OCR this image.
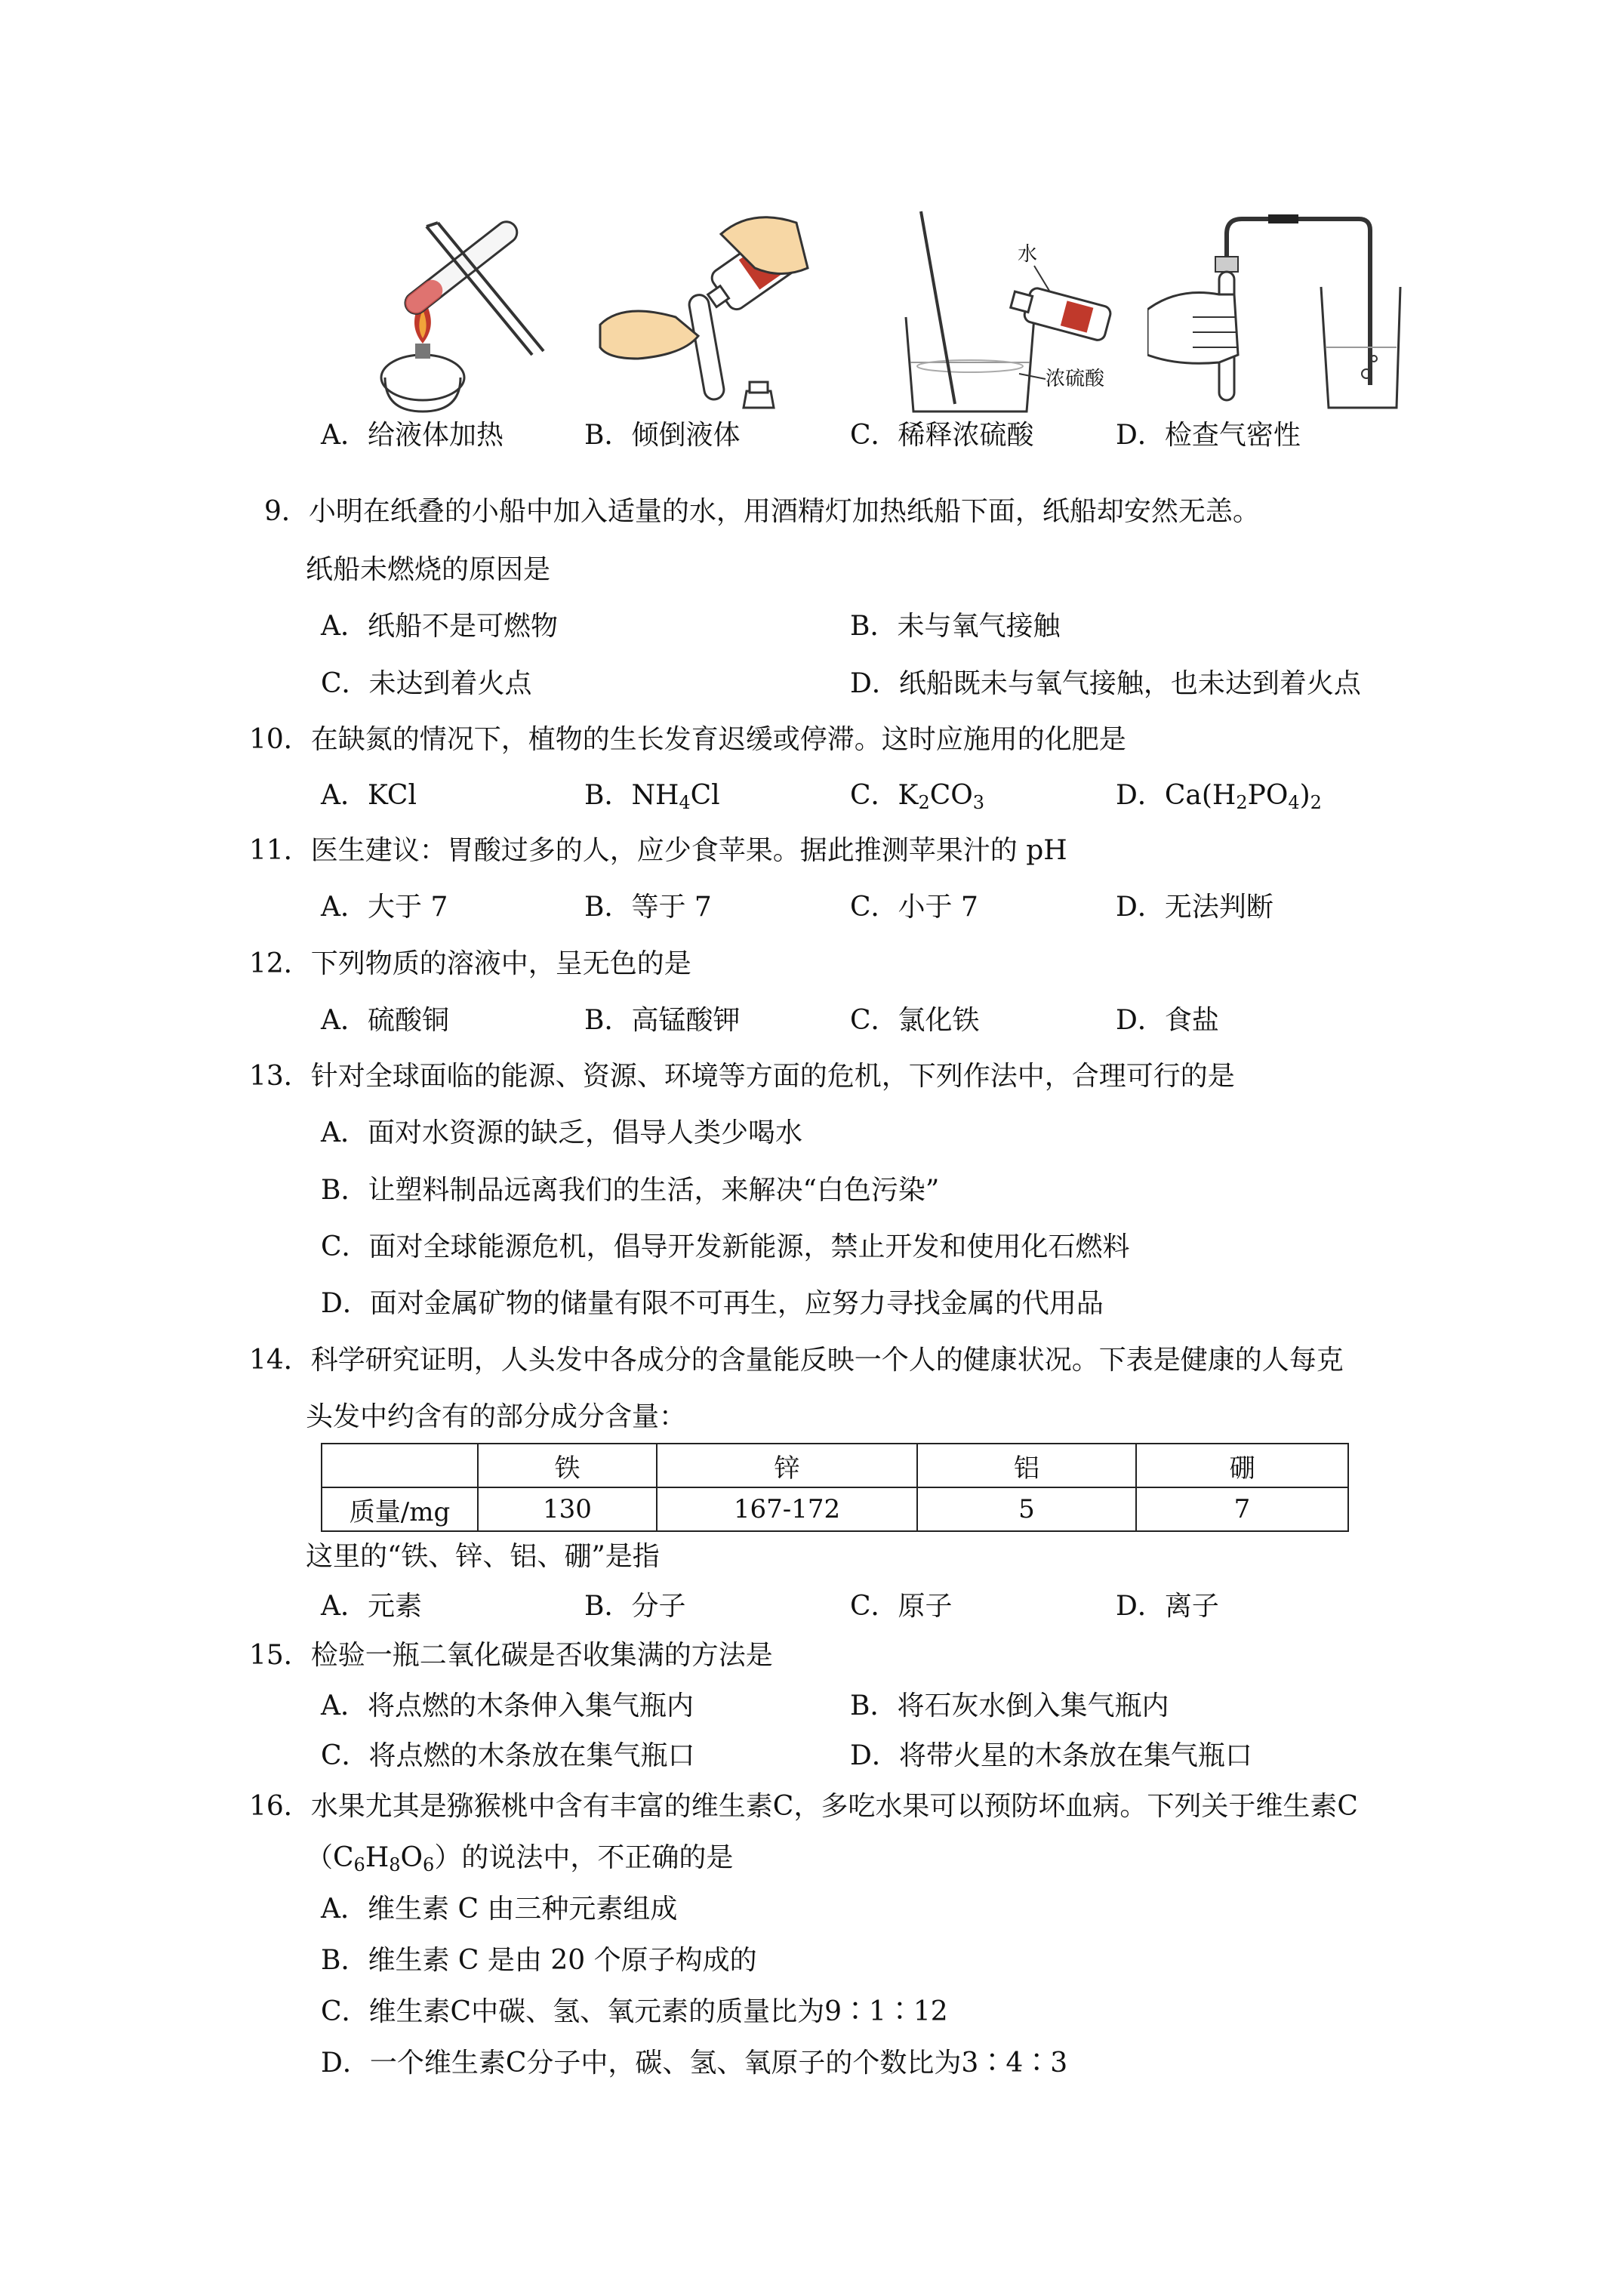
水
浓硫酸
A．给液体加热	B．倾倒液体	C．稀释浓硫酸	D．检查气密性
9．小明在纸叠的小船中加入适量的水，用酒精灯加热纸船下面，纸船却安然无恙。
纸船未燃烧的原因是
A．纸船不是可燃物	B．未与氧气接触
C．未达到着火点	D．纸船既未与氧气接触，也未达到着火点
10．在缺氮的情况下，植物的生长发育迟缓或停滞。这时应施用的化肥是
A．KCl	B．$NH_4Cl$	C．$K_2CO_3$	D．$Ca(H_2PO_4)_2$
11．医生建议：胃酸过多的人，应少食苹果。据此推测苹果汁的 pH
A．大于 7	B．等于 7	C．小于 7	D．无法判断
12．下列物质的溶液中，呈无色的是
A．硫酸铜	B．高锰酸钾	C．氯化铁	D．食盐
13．针对全球面临的能源、资源、环境等方面的危机，下列作法中，合理可行的是
A．面对水资源的缺乏，倡导人类少喝水
B．让塑料制品远离我们的生活，来解决“白色污染”
C．面对全球能源危机，倡导开发新能源，禁止开发和使用化石燃料
D．面对金属矿物的储量有限不可再生，应努力寻找金属的代用品
14．科学研究证明，人头发中各成分的含量能反映一个人的健康状况。下表是健康的人每克
头发中约含有的部分成分含量：
	铁	锌	铝	硼
质量/mg	130	167-172	5	7
这里的“铁、锌、铝、硼”是指
A．元素	B．分子	C．原子	D．离子
15．检验一瓶二氧化碳是否收集满的方法是
A．将点燃的木条伸入集气瓶内	B．将石灰水倒入集气瓶内
C．将点燃的木条放在集气瓶口	D．将带火星的木条放在集气瓶口
16．水果尤其是猕猴桃中含有丰富的维生素C，多吃水果可以预防坏血病。下列关于维生素C
$(C_6H_8O_6)$的说法中，不正确的是
A．维生素 C 由三种元素组成
B．维生素 C 是由 20 个原子构成的
C．维生素C中碳、氢、氧元素的质量比为9∶1∶12
D．一个维生素C分子中，碳、氢、氧原子的个数比为3∶4∶3
